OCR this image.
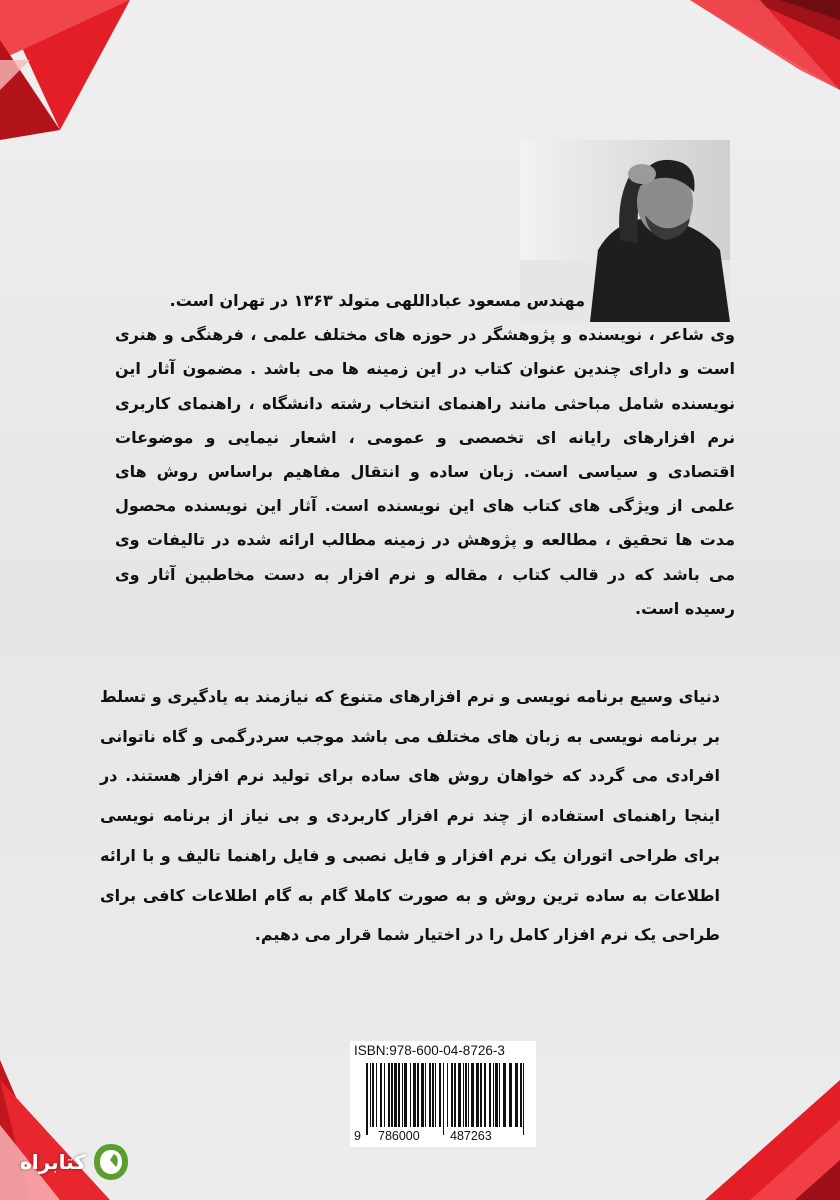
مهندس مسعود عباداللهی متولد ۱۳۶۳ در تهران است.
وی شاعر ، نویسنده و پژوهشگر در حوزه های مختلف علمی ، فرهنگی و هنری است و دارای چندین عنوان کتاب در این زمینه ها می باشد . مضمون آثار این نویسنده شامل مباحثی مانند راهنمای انتخاب رشته دانشگاه ، راهنمای کاربری نرم افزارهای رایانه ای تخصصی و عمومی ، اشعار نیمایی و موضوعات اقتصادی و سیاسی است. زبان ساده و انتقال مفاهیم براساس روش های علمی از ویژگی های کتاب های این نویسنده است. آثار این نویسنده محصول مدت ها تحقیق ، مطالعه و پژوهش در زمینه مطالب ارائه شده در تالیفات وی می باشد که در قالب کتاب ، مقاله و نرم افزار به دست مخاطبین آثار وی رسیده است.

دنیای وسیع برنامه نویسی و نرم افزارهای متنوع که نیازمند به یادگیری و تسلط بر برنامه نویسی به زبان های مختلف می باشد موجب سردرگمی و گاه ناتوانی افرادی می گردد که خواهان روش های ساده برای تولید نرم افزار هستند. در اینجا راهنمای استفاده از چند نرم افزار کاربردی و بی نیاز از برنامه نویسی برای طراحی اتوران یک نرم افزار و فایل نصبی و فایل راهنما تالیف و با ارائه اطلاعات به ساده ترین روش و به صورت کاملا گام به گام اطلاعات کافی برای طراحی یک نرم افزار کامل را در اختیار شما قرار می دهیم.

ISBN:978-600-04-8726-3
9 786000 487263
کتابراه
